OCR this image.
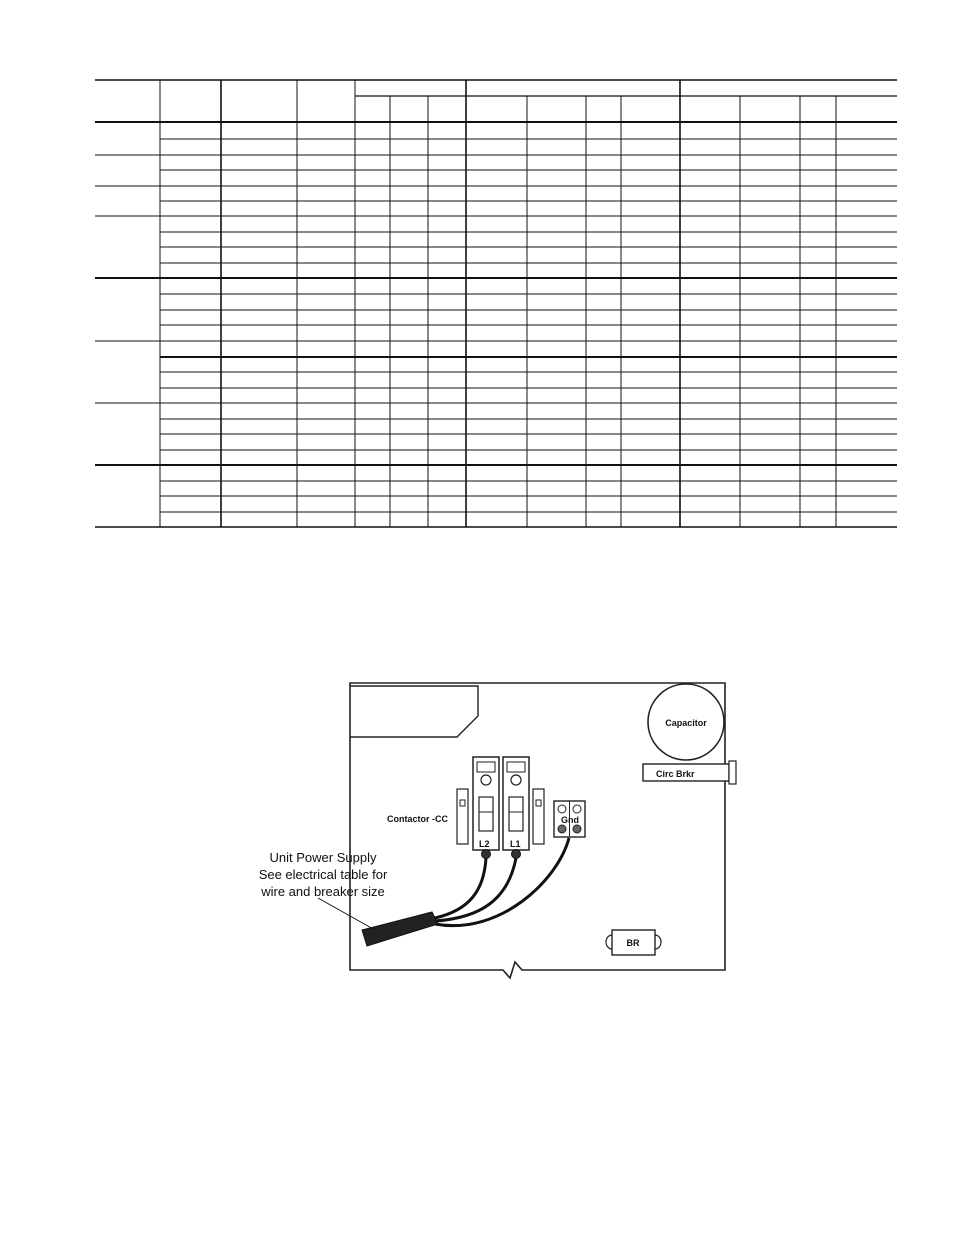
Capacitor
Circ Brkr
L2 L1
Contactor -CC	Gnd
BR
Unit Power Supply
See electrical table for
wire and breaker size
